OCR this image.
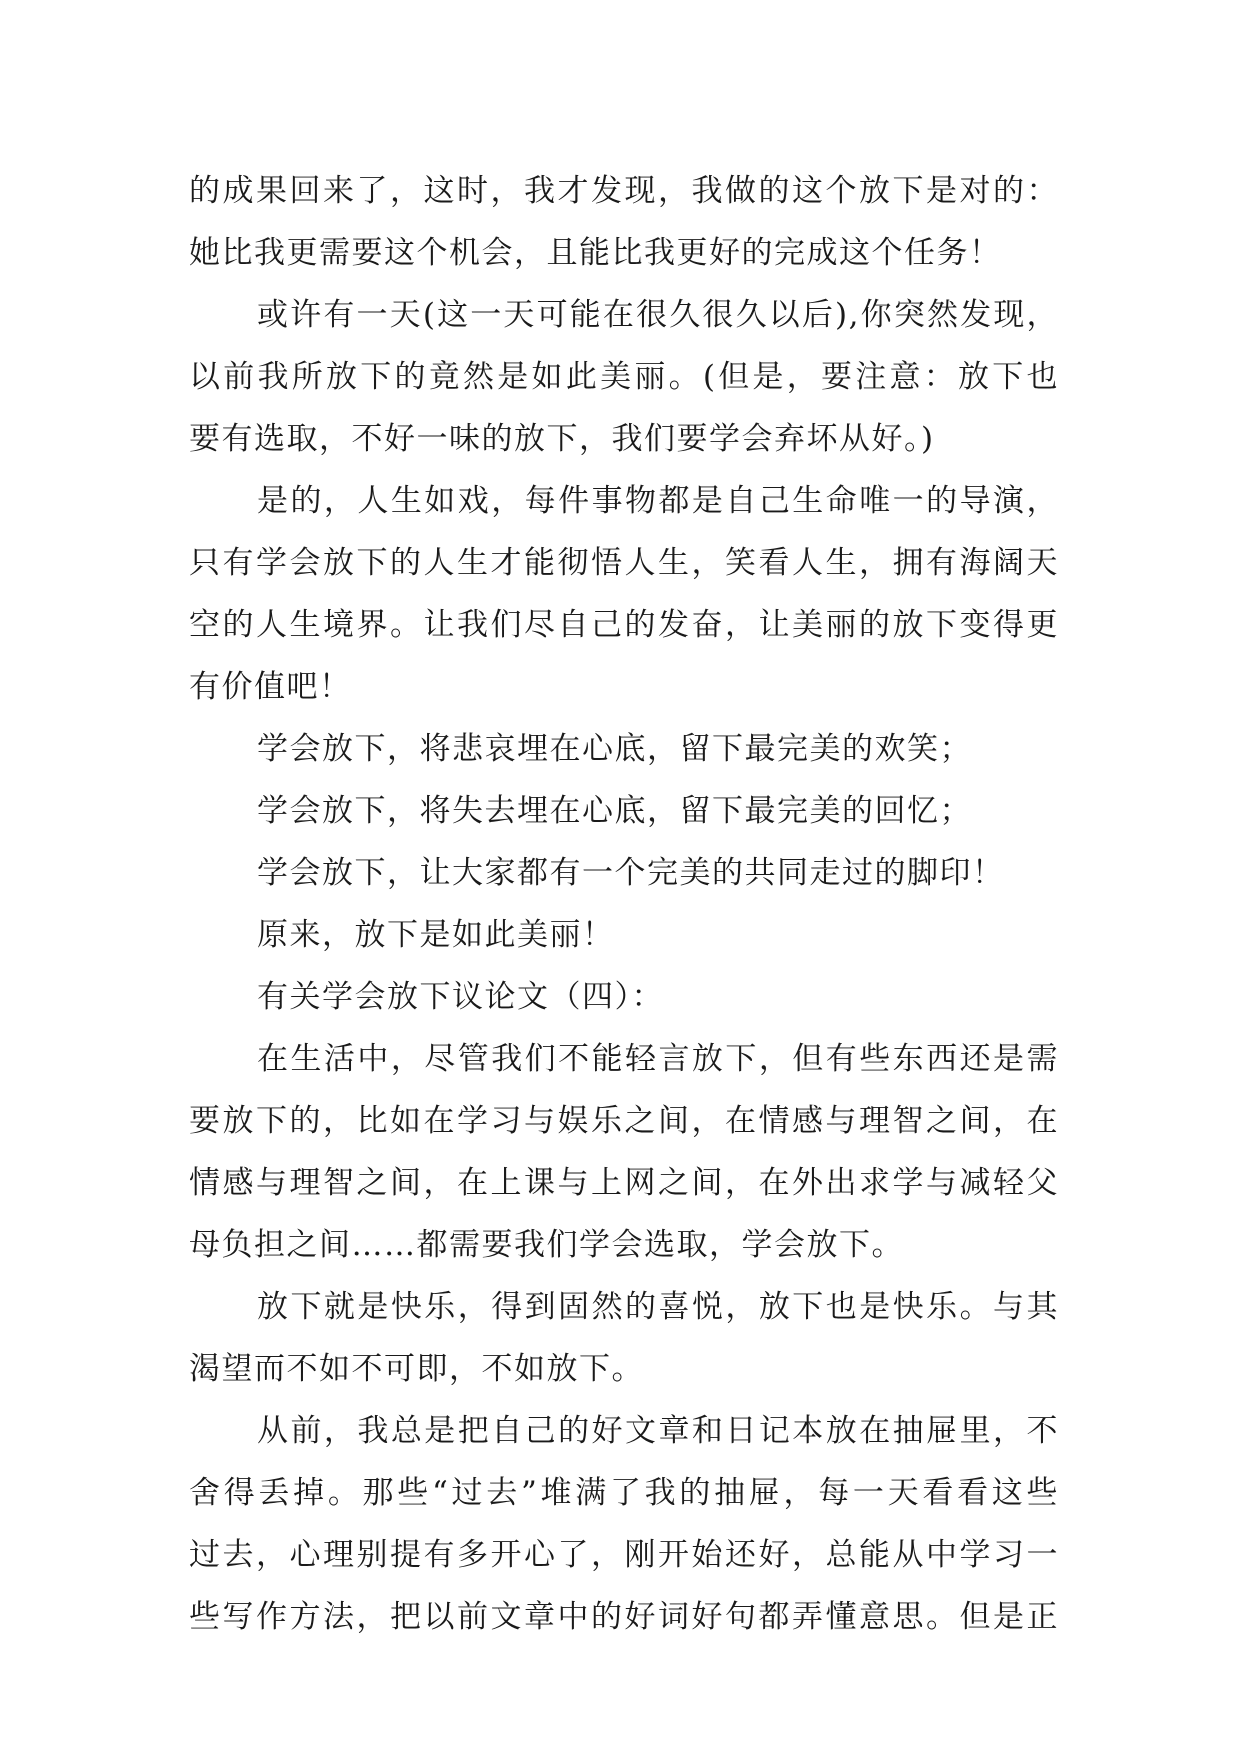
的成果回来了，这时，我才发现，我做的这个放下是对的：
她比我更需要这个机会，且能比我更好的完成这个任务！
或许有一天(这一天可能在很久很久以后),你突然发现，
以前我所放下的竟然是如此美丽。(但是，要注意：放下也
要有选取，不好一味的放下，我们要学会弃坏从好。)
是的，人生如戏，每件事物都是自己生命唯一的导演，
只有学会放下的人生才能彻悟人生，笑看人生，拥有海阔天
空的人生境界。让我们尽自己的发奋，让美丽的放下变得更
有价值吧！
学会放下，将悲哀埋在心底，留下最完美的欢笑；
学会放下，将失去埋在心底，留下最完美的回忆；
学会放下，让大家都有一个完美的共同走过的脚印！
原来，放下是如此美丽！
有关学会放下议论文（四）：
在生活中，尽管我们不能轻言放下，但有些东西还是需
要放下的，比如在学习与娱乐之间，在情感与理智之间，在
情感与理智之间，在上课与上网之间，在外出求学与减轻父
母负担之间……都需要我们学会选取，学会放下。
放下就是快乐，得到固然的喜悦，放下也是快乐。与其
渴望而不如不可即，不如放下。
从前，我总是把自己的好文章和日记本放在抽屉里，不
舍得丢掉。那些“过去”堆满了我的抽屉，每一天看看这些
过去，心理别提有多开心了，刚开始还好，总能从中学习一
些写作方法，把以前文章中的好词好句都弄懂意思。但是正
